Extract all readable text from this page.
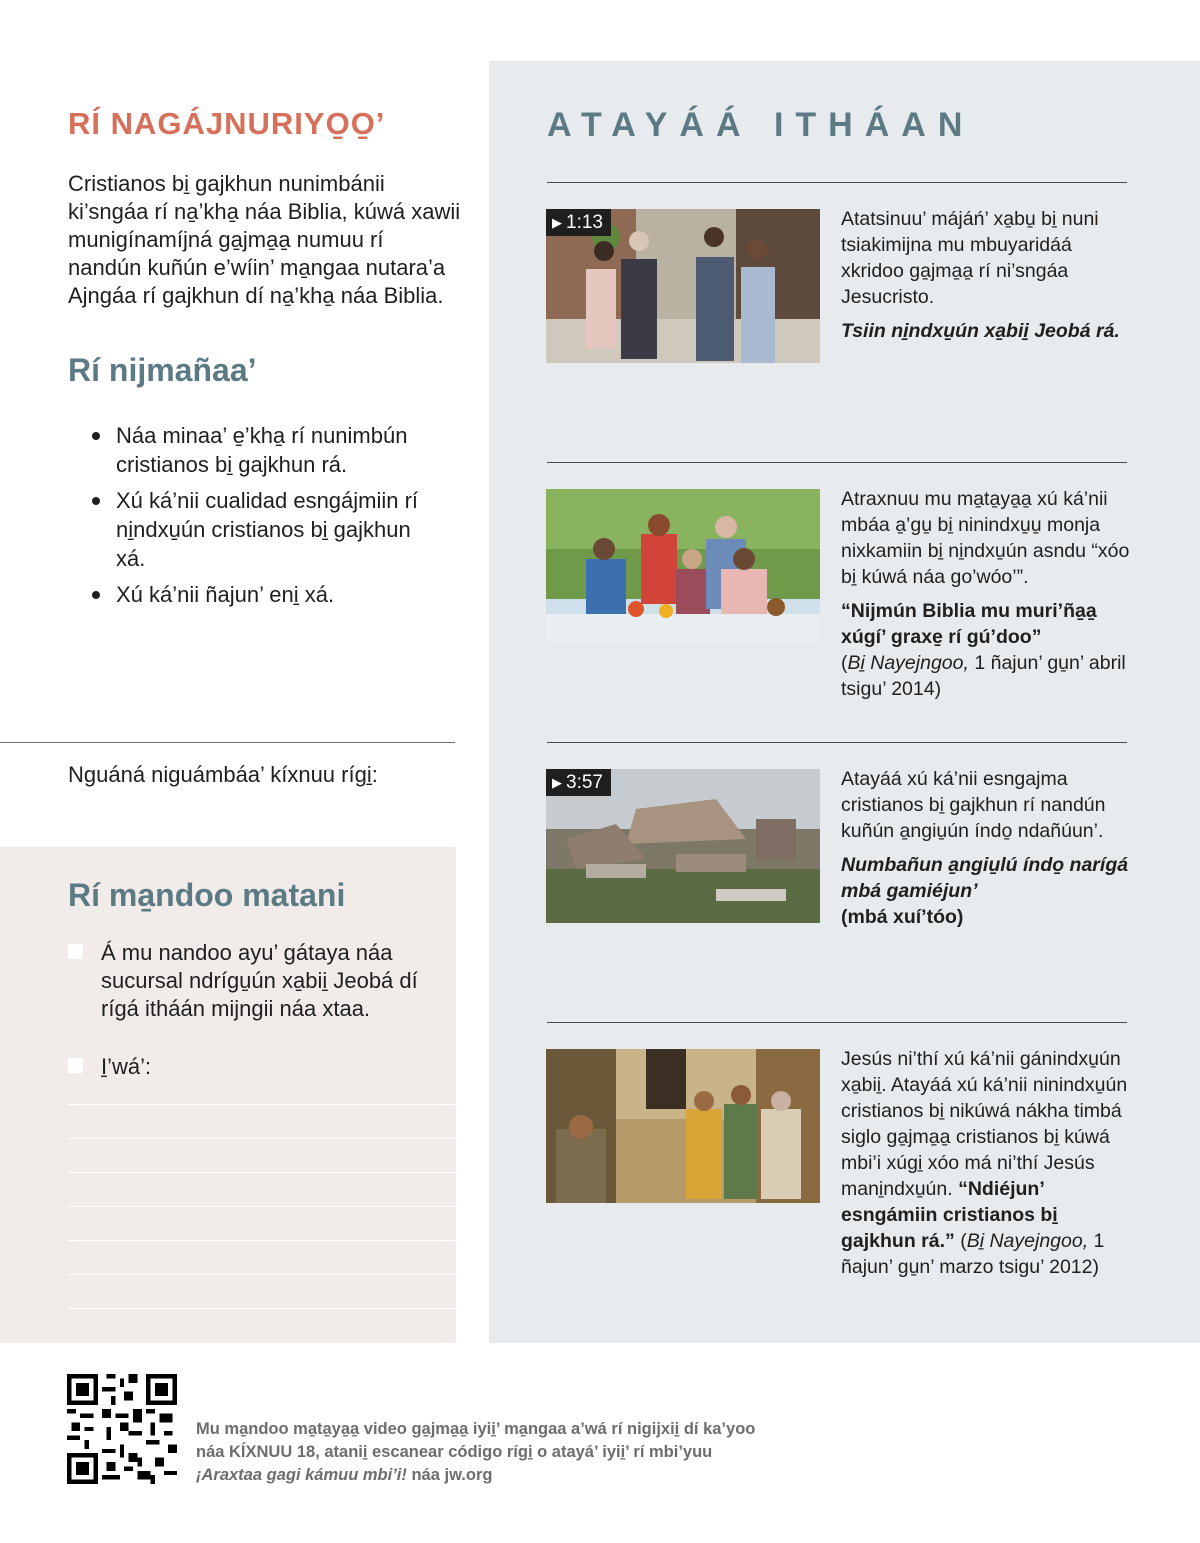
RÍ NAGÁJNURIYO̱O̱’

Cristianos bi̱ gajkhun nunimbánii ki’sngáa rí na̱’kha̱ náa Biblia, kúwá xawii munigínamíjná ga̱jma̱a̱ numuu rí nandún kuñún e’wíin’ ma̱ngaa nutara’a Ajngáa rí gajkhun dí na̱’kha̱ náa Biblia.

Rí nijmañaa’
Náa minaa’ e̱’kha̱ rí nunimbún cristianos bi̱ gajkhun rá.
Xú ká’nii cualidad esngájmiin rí ni̱ndxu̱ún cristianos bi̱ gajkhun xá.
Xú ká’nii ñajun’ eni̱ xá.

Nguáná niguámbáa’ kíxnuu rígi̱:

Rí ma̱ndoo matani
Á mu nandoo ayu’ gátaya náa sucursal ndrígu̱ún xa̱bii̱ Jeobá dí rígá itháán mijngii náa xtaa.
I̱’wá’:
ATAYÁÁ ITHÁAN
▶ 1:13	Atatsinuu’ májáń’ xa̱bu̱ bi̱ nuni tsiakimijna mu mbuyaridáá xkridoo ga̱jma̱a̱ rí ni’sngáa Jesucristo.
Tsiin ni̱ndxu̱ún xa̱bii̱ Jeobá rá.

Atraxnuu mu ma̱ta̱ya̱a̱ xú ká’nii mbáa a̱’gu̱ bi̱ ninindxu̱u̱ monja nixkamiin bi̱ ni̱ndxu̱ún asndu “xóo bi̱ kúwá náa go’wóo’”.
“Nijmún Biblia mu muri’ña̱a̱ xúgí’ graxe̱ rí gú’doo”
(Bi̱ Nayejngoo, 1 ñajun’ gu̱n’ abril tsigu’ 2014)

▶ 3:57	Atayáá xú ká’nii esngajma cristianos bi̱ gajkhun rí nandún kuñún a̱ngiu̱ún índo̱ ndañúun’.
Numbañun a̱ngiu̱lú índo̱ narígá mbá gamiéjun’
(mbá xuí’tóo)

Jesús ni’thí xú ká’nii gánindxu̱ún xa̱bii̱. Atayáá xú ká’nii ninindxu̱ún cristianos bi̱ nikúwá nákha timbá siglo ga̱jma̱a̱ cristianos bi̱ kúwá mbi’i xúgi̱ xóo má ni’thí Jesús mani̱ndxu̱ún. “Ndiéjun’ esngámiin cristianos bi̱ gajkhun rá.” (Bi̱ Nayejngoo, 1 ñajun’ gu̱n’ marzo tsigu’ 2012)

Mu ma̱ndoo ma̱ta̱ya̱a̱ video ga̱jma̱a̱ iyii̱’ ma̱ngaa a’wá rí nigijxii̱ dí ka’yoo náa KÍXNUU 18, atanii̱ escanear código rígi̱ o atayá’ iyii̱’ rí mbi’yuu ¡Araxtaa gagi kámuu mbi’i! náa jw.org
